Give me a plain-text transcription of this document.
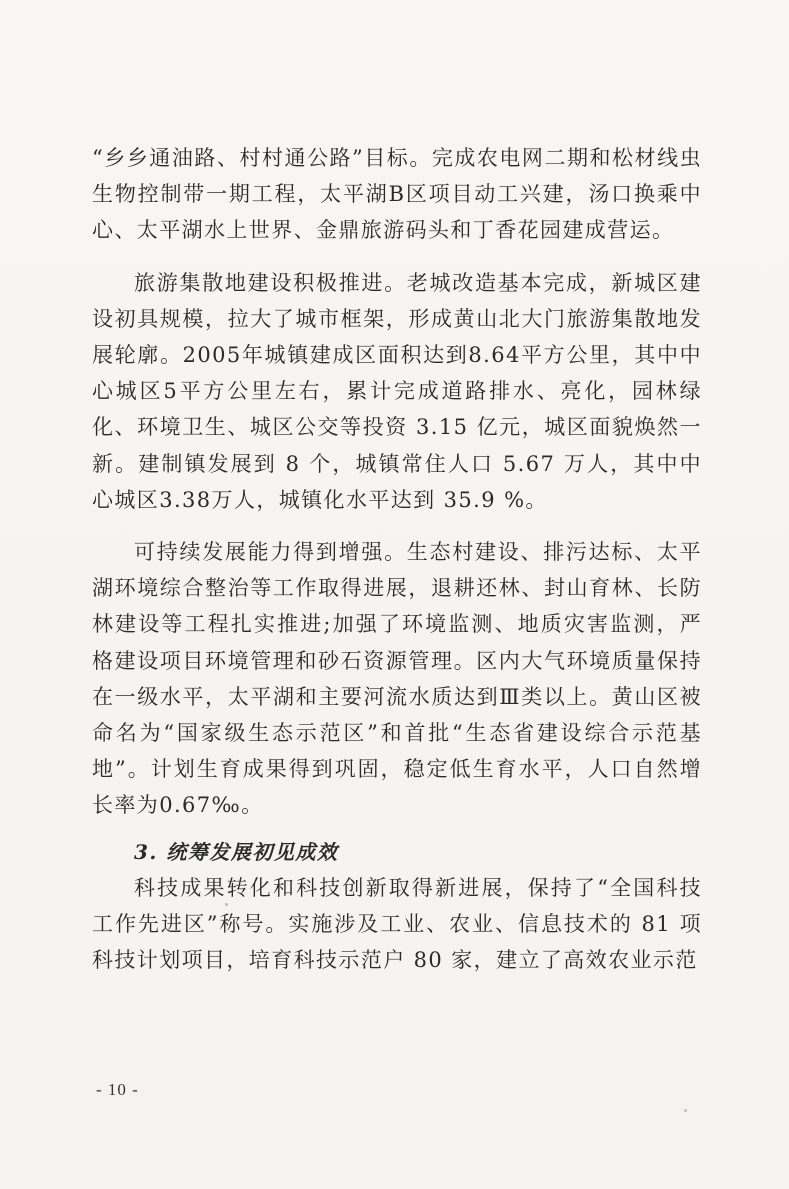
“乡乡通油路、村村通公路”目标。完成农电网二期和松材线虫生物控制带一期工程，太平湖B区项目动工兴建，汤口换乘中心、太平湖水上世界、金鼎旅游码头和丁香花园建成营运。

旅游集散地建设积极推进。老城改造基本完成，新城区建设初具规模，拉大了城市框架，形成黄山北大门旅游集散地发展轮廓。2005年城镇建成区面积达到8.64平方公里，其中中心城区5平方公里左右，累计完成道路排水、亮化，园林绿化、环境卫生、城区公交等投资 3.15 亿元，城区面貌焕然一新。建制镇发展到 8 个，城镇常住人口 5.67 万人，其中中心城区3.38万人，城镇化水平达到 35.9 %。

可持续发展能力得到增强。生态村建设、排污达标、太平湖环境综合整治等工作取得进展，退耕还林、封山育林、长防林建设等工程扎实推进;加强了环境监测、地质灾害监测，严格建设项目环境管理和砂石资源管理。区内大气环境质量保持在一级水平，太平湖和主要河流水质达到Ⅲ类以上。黄山区被命名为“国家级生态示范区”和首批“生态省建设综合示范基地”。计划生育成果得到巩固，稳定低生育水平，人口自然增长率为0.67‰。

3. 统筹发展初见成效

科技成果转化和科技创新取得新进展，保持了“全国科技工作先进区”称号。实施涉及工业、农业、信息技术的 81 项科技计划项目，培育科技示范户 80 家，建立了高效农业示范

- 10 -
